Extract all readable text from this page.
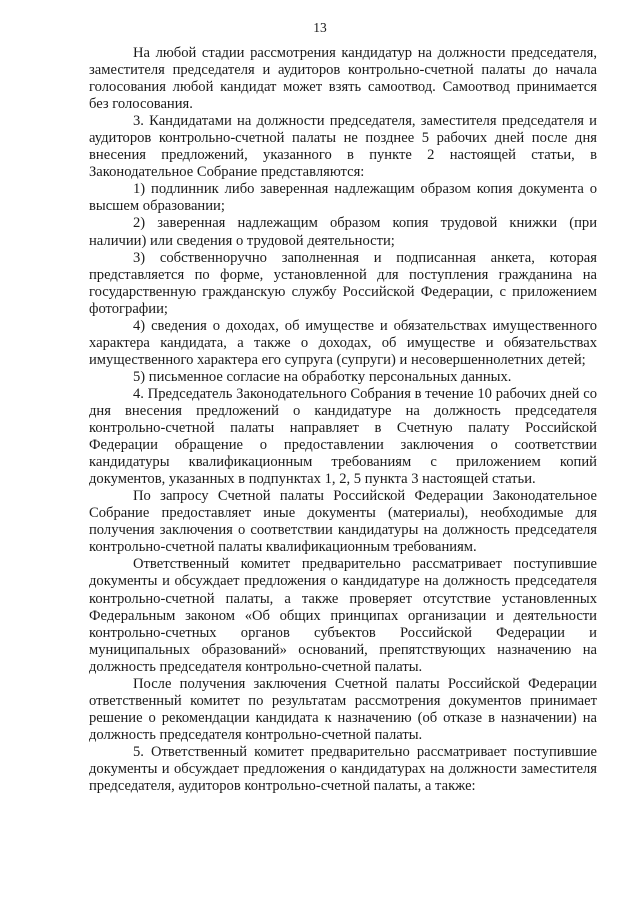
13

На любой стадии рассмотрения кандидатур на должности председателя, заместителя председателя и аудиторов контрольно-счетной палаты до начала голосования любой кандидат может взять самоотвод. Самоотвод принимается без голосования.

3. Кандидатами на должности председателя, заместителя председателя и аудиторов контрольно-счетной палаты не позднее 5 рабочих дней после дня внесения предложений, указанного в пункте 2 настоящей статьи, в Законодательное Собрание представляются:

1) подлинник либо заверенная надлежащим образом копия документа о высшем образовании;

2) заверенная надлежащим образом копия трудовой книжки (при наличии) или сведения о трудовой деятельности;

3) собственноручно заполненная и подписанная анкета, которая представляется по форме, установленной для поступления гражданина на государственную гражданскую службу Российской Федерации, с приложением фотографии;

4) сведения о доходах, об имуществе и обязательствах имущественного характера кандидата, а также о доходах, об имуществе и обязательствах имущественного характера его супруга (супруги) и несовершеннолетних детей;

5) письменное согласие на обработку персональных данных.

4. Председатель Законодательного Собрания в течение 10 рабочих дней со дня внесения предложений о кандидатуре на должность председателя контрольно-счетной палаты направляет в Счетную палату Российской Федерации обращение о предоставлении заключения о соответствии кандидатуры квалификационным требованиям с приложением копий документов, указанных в подпунктах 1, 2, 5 пункта 3 настоящей статьи.

По запросу Счетной палаты Российской Федерации Законодательное Собрание предоставляет иные документы (материалы), необходимые для получения заключения о соответствии кандидатуры на должность председателя контрольно-счетной палаты квалификационным требованиям.

Ответственный комитет предварительно рассматривает поступившие документы и обсуждает предложения о кандидатуре на должность председателя контрольно-счетной палаты, а также проверяет отсутствие установленных Федеральным законом «Об общих принципах организации и деятельности контрольно-счетных органов субъектов Российской Федерации и муниципальных образований» оснований, препятствующих назначению на должность председателя контрольно-счетной палаты.

После получения заключения Счетной палаты Российской Федерации ответственный комитет по результатам рассмотрения документов принимает решение о рекомендации кандидата к назначению (об отказе в назначении) на должность председателя контрольно-счетной палаты.

5. Ответственный комитет предварительно рассматривает поступившие документы и обсуждает предложения о кандидатурах на должности заместителя председателя, аудиторов контрольно-счетной палаты, а также:
